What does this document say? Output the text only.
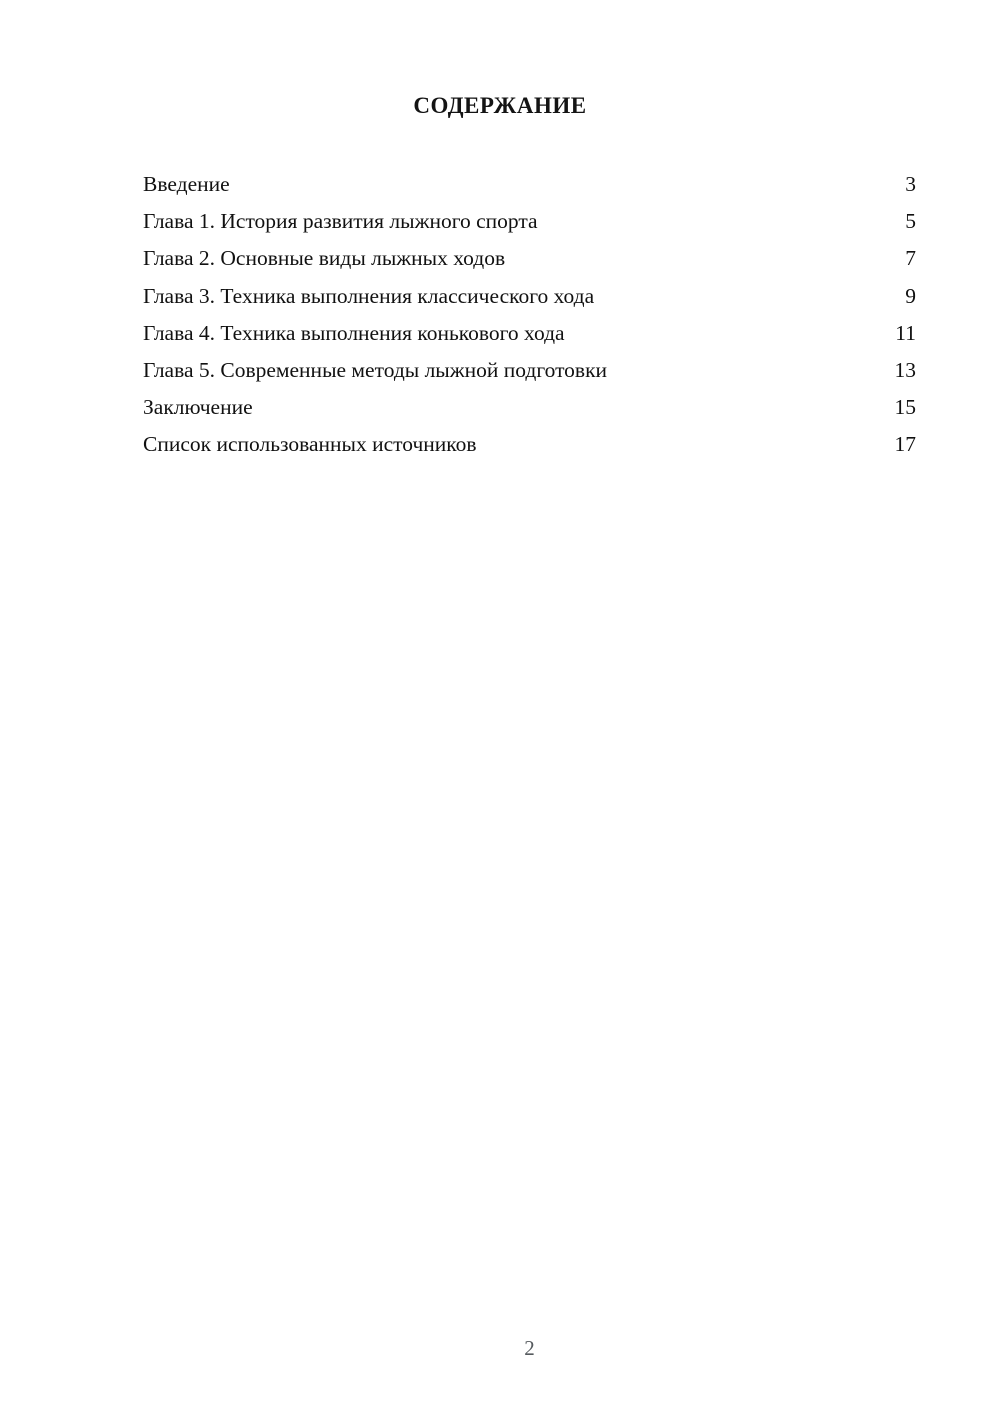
СОДЕРЖАНИЕ
Введение	3
Глава 1. История развития лыжного спорта	5
Глава 2. Основные виды лыжных ходов	7
Глава 3. Техника выполнения классического хода	9
Глава 4. Техника выполнения конькового хода	11
Глава 5. Современные методы лыжной подготовки	13
Заключение	15
Список использованных источников	17
2
